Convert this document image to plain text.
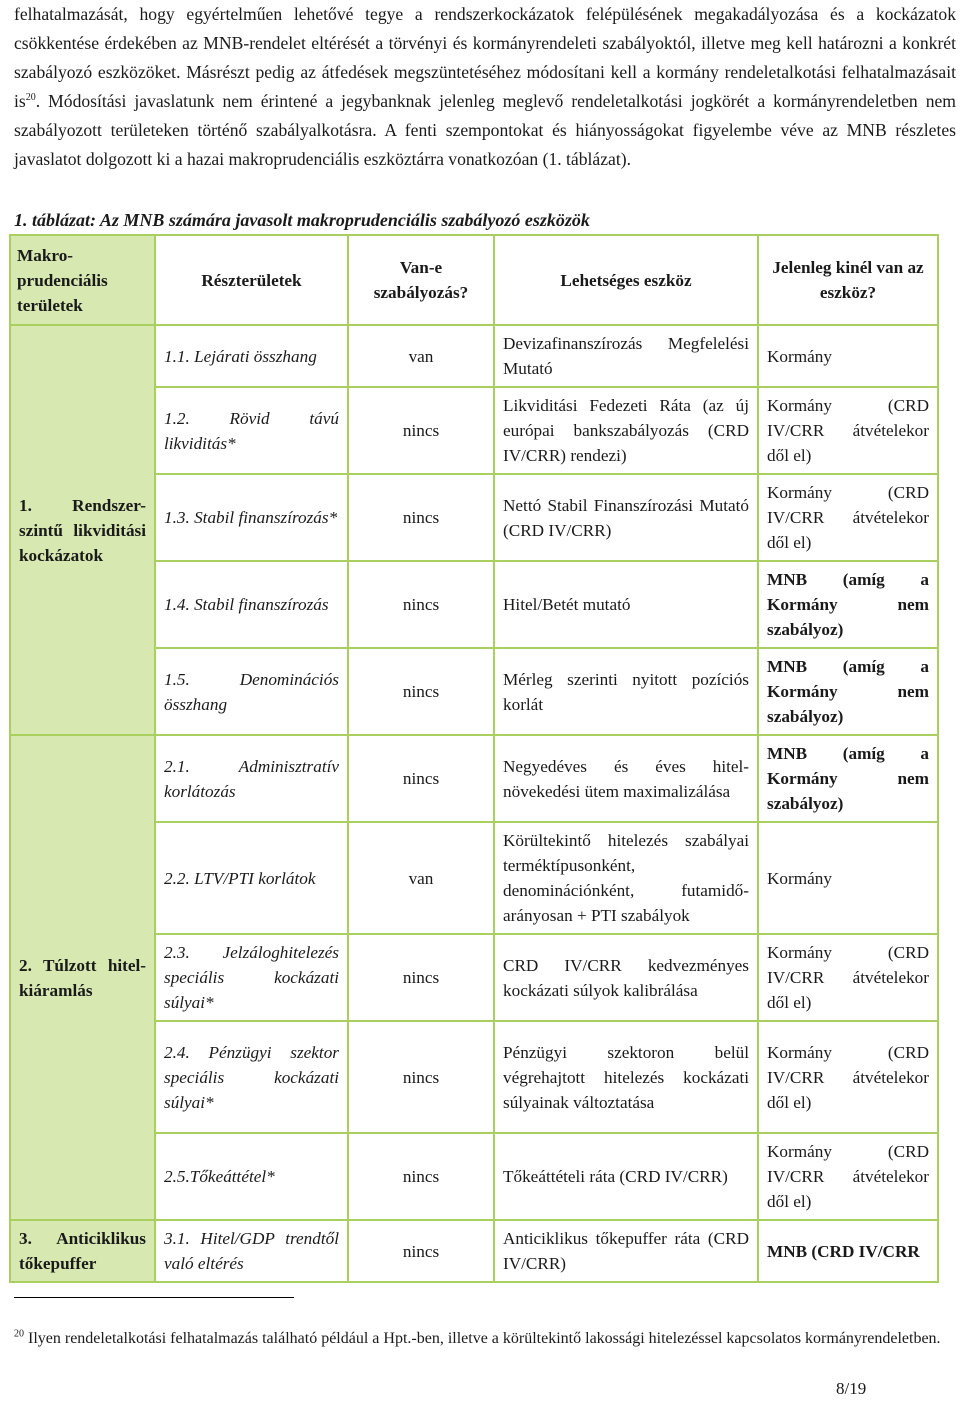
felhatalmazását, hogy egyértelműen lehetővé tegye a rendszerkockázatok felépülésének megakadályozása és a kockázatok csökkentése érdekében az MNB-rendelet eltérését a törvényi és kormányrendeleti szabályoktól, illetve meg kell határozni a konkrét szabályozó eszközöket. Másrészt pedig az átfedések megszüntetéséhez módosítani kell a kormány rendeletalkotási felhatalmazásait $is^{20}$. Módosítási javaslatunk nem érintené a jegybanknak jelenleg meglevő rendeletalkotási jogkörét a kormányrendeletben nem szabályozott területeken történő szabályalkotásra. A fenti szempontokat és hiányosságokat figyelembe véve az MNB részletes javaslatot dolgozott ki a hazai makroprudenciális eszköztárra vonatkozóan (1. táblázat).
1. táblázat: Az MNB számára javasolt makroprudenciális szabályozó eszközök
Makro-prudenciális területek	Részterületek	Van-e szabályozás?	Lehetséges eszköz	Jelenleg kinél van az eszköz?
1. Rendszer-szintű likviditási kockázatok	1.1. Lejárati összhang	van	Devizafinanszírozás Megfelelési Mutató	Kormány
	1.2. Rövid távú likviditás*	nincs	Likviditási Fedezeti Ráta (az új európai bankszabályozás (CRD IV/CRR) rendezi)	Kormány (CRD IV/CRR átvételekor dől el)
	1.3. Stabil finanszírozás*	nincs	Nettó Stabil Finanszírozási Mutató (CRD IV/CRR)	Kormány (CRD IV/CRR átvételekor dől el)
	1.4. Stabil finanszírozás	nincs	Hitel/Betét mutató	MNB (amíg a Kormány nem szabályoz)
	1.5. Denominációs összhang	nincs	Mérleg szerinti nyitott pozíciós korlát	MNB (amíg a Kormány nem szabályoz)
2. Túlzott hitel-kiáramlás	2.1. Adminisztratív korlátozás	nincs	Negyedéves és éves hitel-növekedési ütem maximalizálása	MNB (amíg a Kormány nem szabályoz)
	2.2. LTV/PTI korlátok	van	Körültekintő hitelezés szabályai terméktípusonként, denominációnként, futamidő-arányosan + PTI szabályok	Kormány
	2.3. Jelzáloghitelezés speciális kockázati súlyai*	nincs	CRD IV/CRR kedvezményes kockázati súlyok kalibrálása	Kormány (CRD IV/CRR átvételekor dől el)
	2.4. Pénzügyi szektor speciális kockázati súlyai*	nincs	Pénzügyi szektoron belül végrehajtott hitelezés kockázati súlyainak változtatása	Kormány (CRD IV/CRR átvételekor dől el)
	2.5.Tőkeáttétel*	nincs	Tőkeáttételi ráta (CRD IV/CRR)	Kormány (CRD IV/CRR átvételekor dől el)
3. Anticiklikus tőkepuffer	3.1. Hitel/GDP trendtől való eltérés	nincs	Anticiklikus tőkepuffer ráta (CRD IV/CRR)	MNB (CRD IV/CRR
$^{20}$ Ilyen rendeletalkotási felhatalmazás található például a Hpt.-ben, illetve a körültekintő lakossági hitelezéssel kapcsolatos kormányrendeletben.
8/19
